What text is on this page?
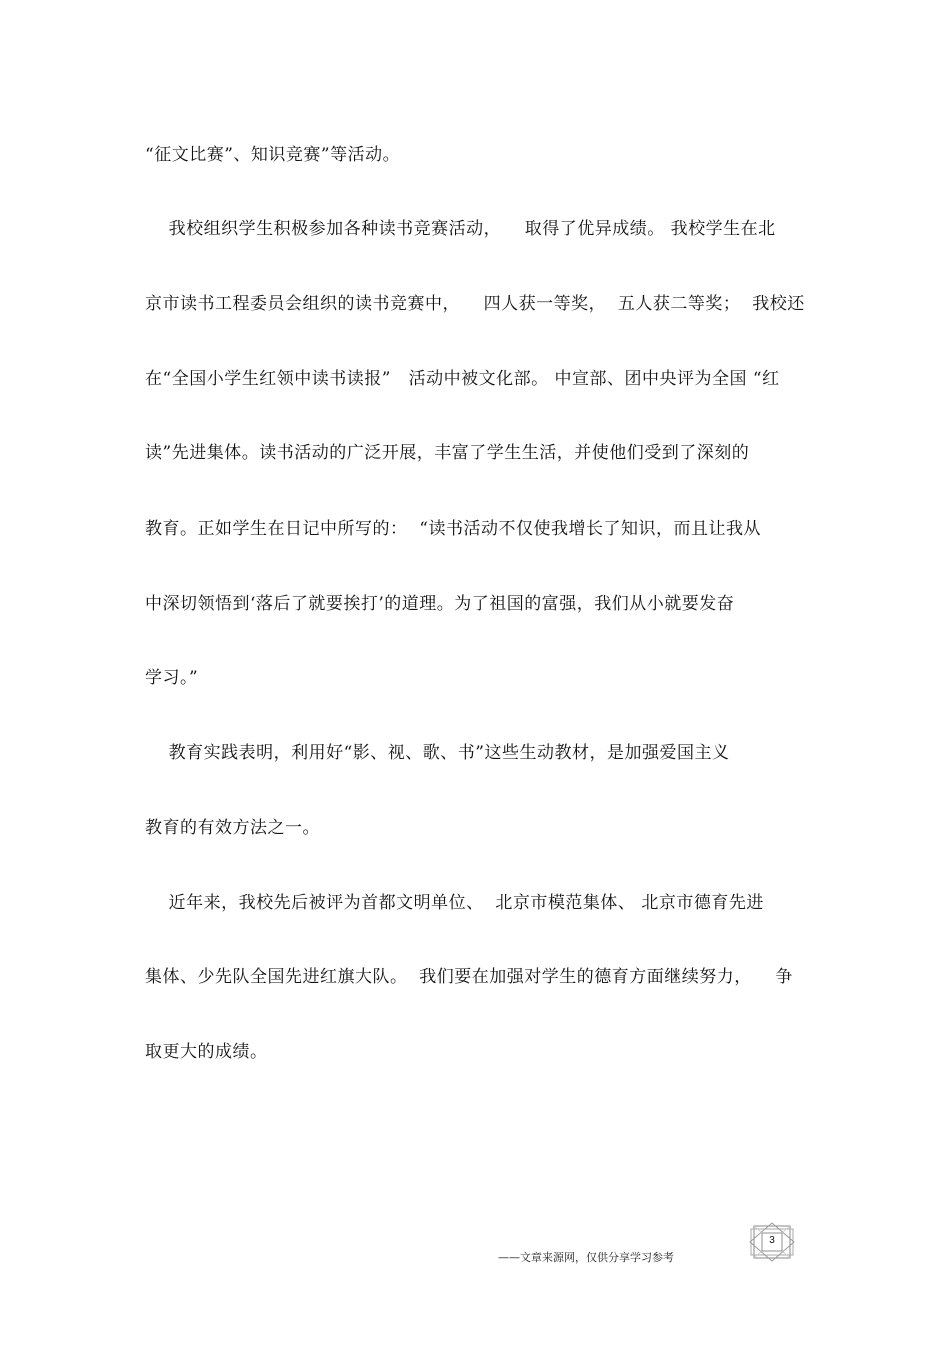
“征文比赛”、知识竞赛”等活动。
我校组织学生积极参加各种读书竞赛活动，    取得了优异成绩。 我校学生在北
京市读书工程委员会组织的读书竞赛中，    四人获一等奖，  五人获二等奖；  我校还
在“全国小学生红领中读书读报”   活动中被文化部。 中宣部、团中央评为全国 “红
读”先进集体。读书活动的广泛开展，丰富了学生生活，并使他们受到了深刻的
教育。正如学生在日记中所写的：  “读书活动不仅使我增长了知识，而且让我从
中深切领悟到‘落后了就要挨打’的道理。为了祖国的富强，我们从小就要发奋
学习。”
教育实践表明，利用好“影、视、歌、书”这些生动教材，是加强爱国主义
教育的有效方法之一。
近年来，我校先后被评为首都文明单位、  北京市模范集体、 北京市德育先进
集体、少先队全国先进红旗大队。  我们要在加强对学生的德育方面继续努力，    争
取更大的成绩。
——文章来源网，仅供分享学习参考
3
